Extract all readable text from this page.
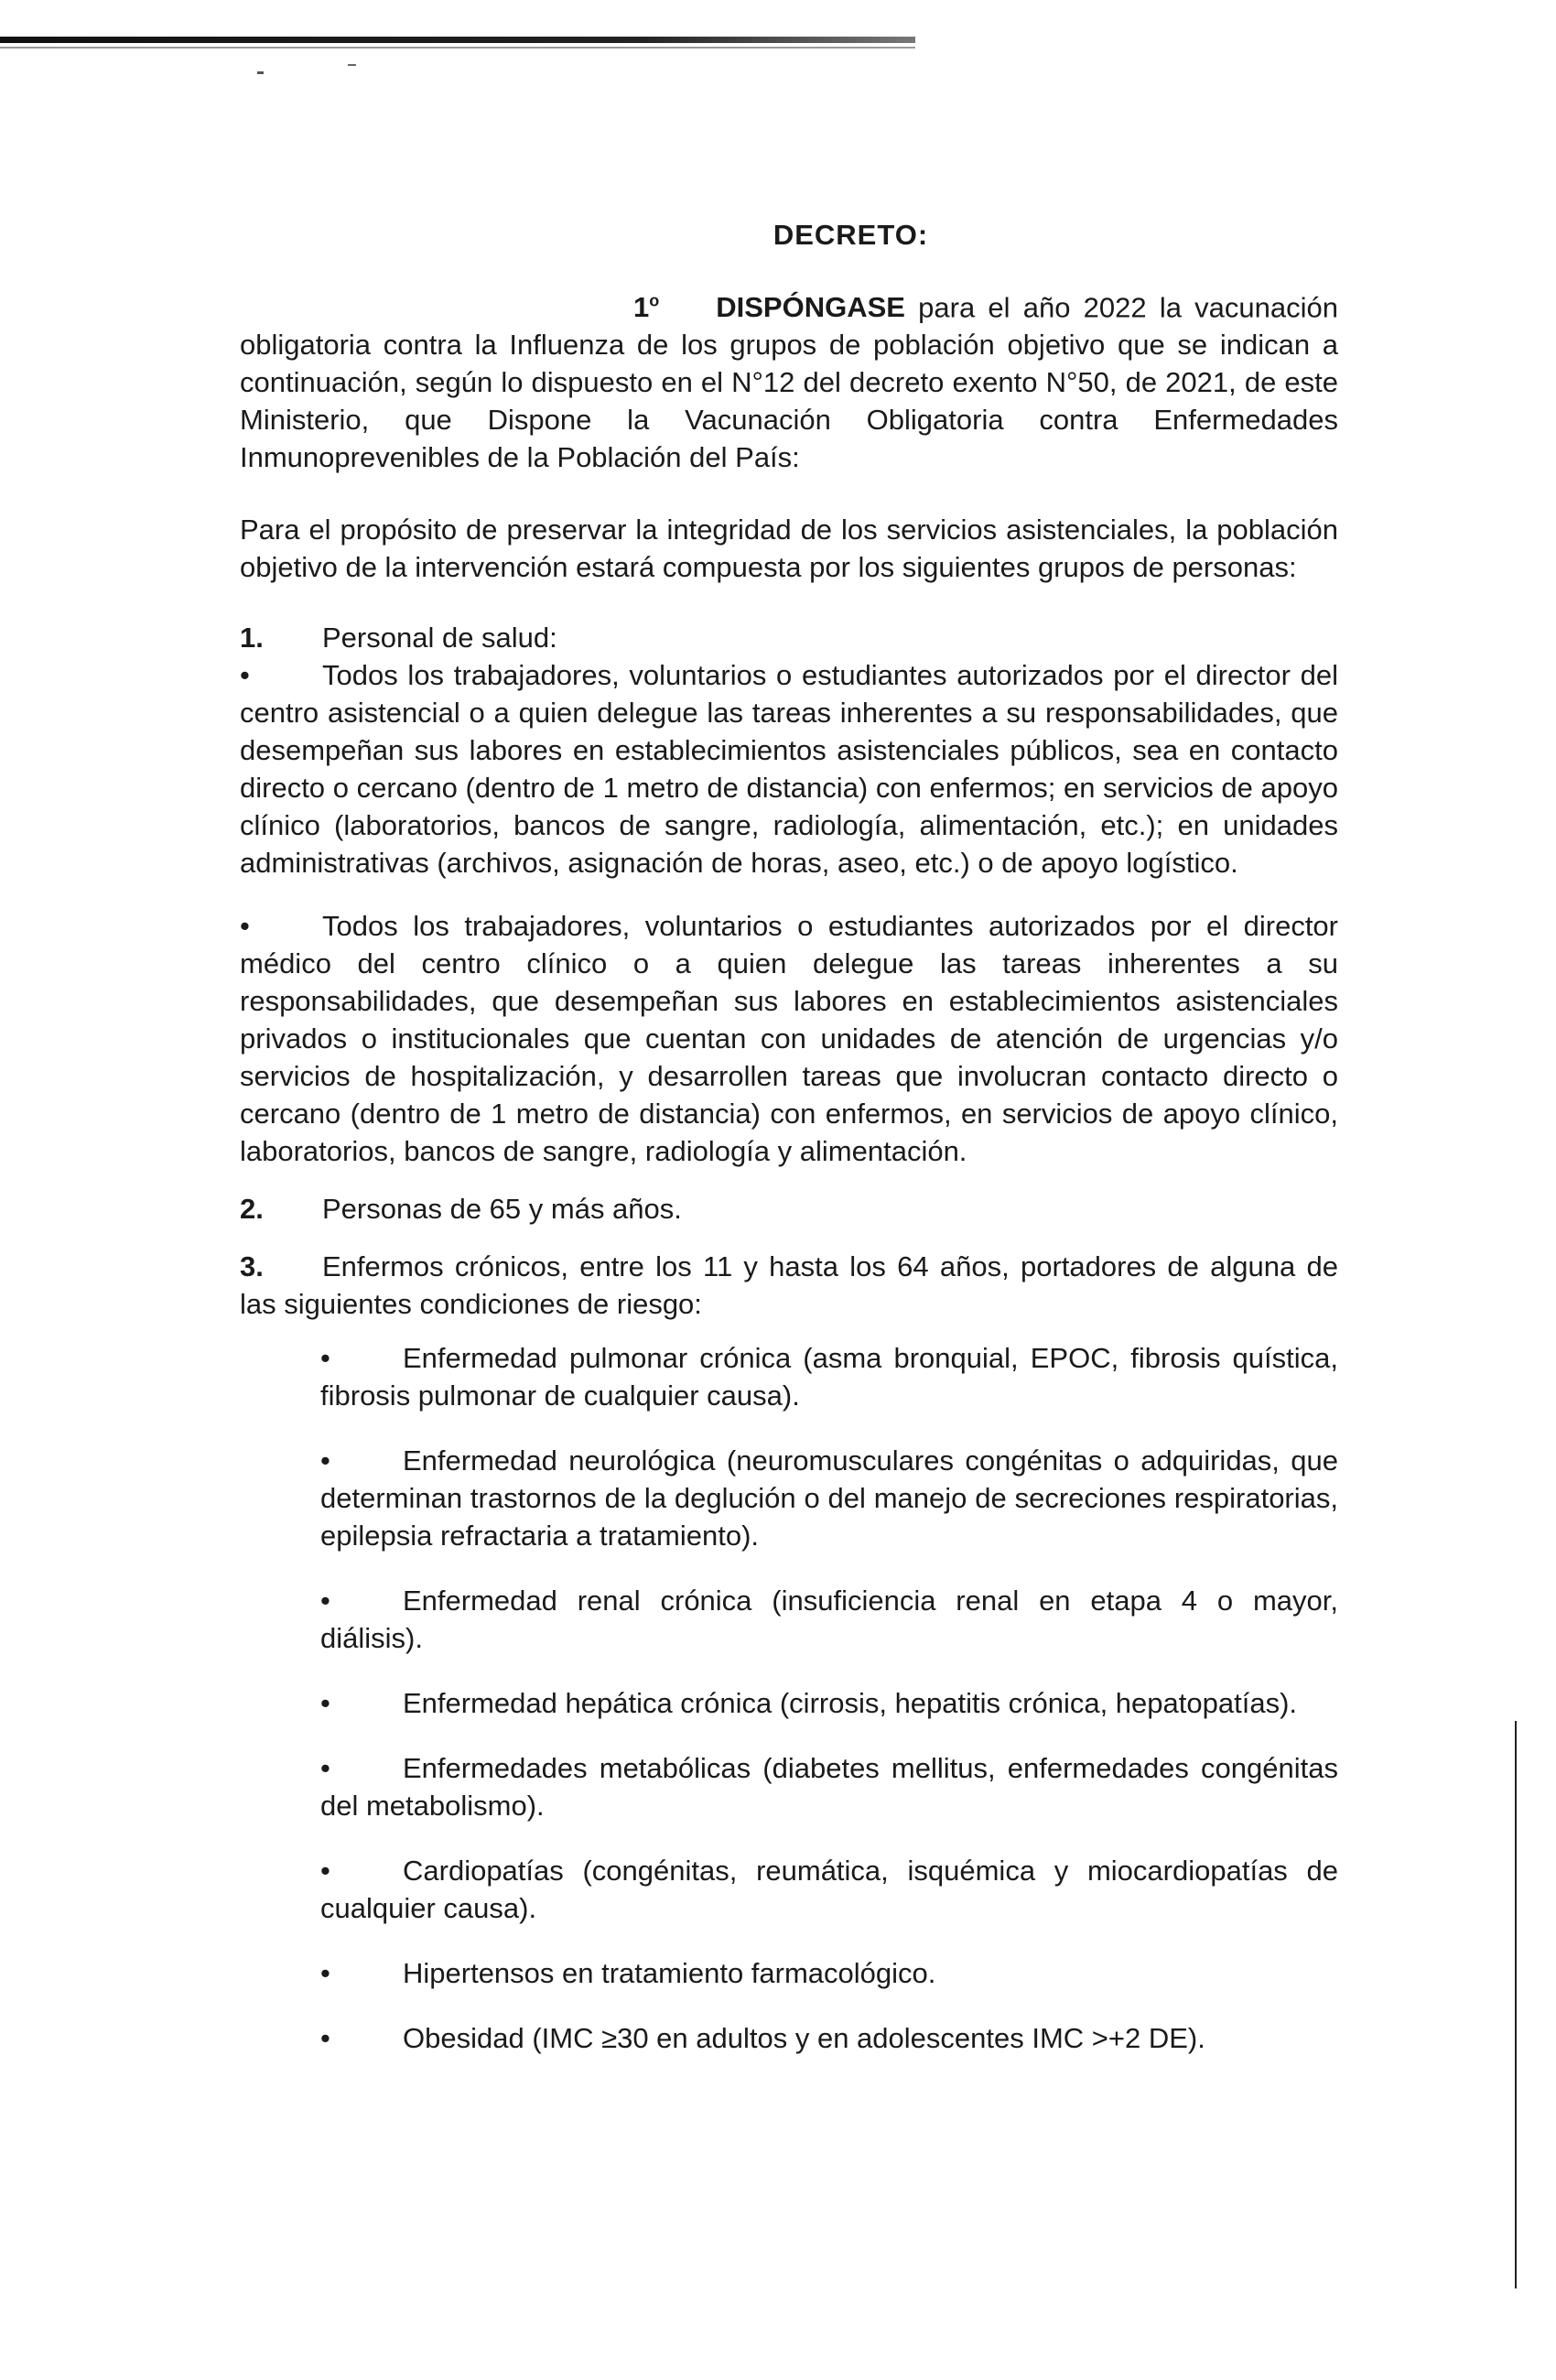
DECRETO:

1$^o$ DISPÓNGASE para el año 2022 la vacunación obligatoria contra la Influenza de los grupos de población objetivo que se indican a continuación, según lo dispuesto en el N°12 del decreto exento N°50, de 2021, de este Ministerio, que Dispone la Vacunación Obligatoria contra Enfermedades Inmunoprevenibles de la Población del País:

Para el propósito de preservar la integridad de los servicios asistenciales, la población objetivo de la intervención estará compuesta por los siguientes grupos de personas:

1.	Personal de salud:
•	Todos los trabajadores, voluntarios o estudiantes autorizados por el director del centro asistencial o a quien delegue las tareas inherentes a su responsabilidades, que desempeñan sus labores en establecimientos asistenciales públicos, sea en contacto directo o cercano (dentro de 1 metro de distancia) con enfermos; en servicios de apoyo clínico (laboratorios, bancos de sangre, radiología, alimentación, etc.); en unidades administrativas (archivos, asignación de horas, aseo, etc.) o de apoyo logístico.
•	Todos los trabajadores, voluntarios o estudiantes autorizados por el director médico del centro clínico o a quien delegue las tareas inherentes a su responsabilidades, que desempeñan sus labores en establecimientos asistenciales privados o institucionales que cuentan con unidades de atención de urgencias y/o servicios de hospitalización, y desarrollen tareas que involucran contacto directo o cercano (dentro de 1 metro de distancia) con enfermos, en servicios de apoyo clínico, laboratorios, bancos de sangre, radiología y alimentación.
2.	Personas de 65 y más años.
3. Enfermos crónicos, entre los 11 y hasta los 64 años, portadores de alguna de las siguientes condiciones de riesgo:
•	Enfermedad pulmonar crónica (asma bronquial, EPOC, fibrosis quística, fibrosis pulmonar de cualquier causa).
•	Enfermedad neurológica (neuromusculares congénitas o adquiridas, que determinan trastornos de la deglución o del manejo de secreciones respiratorias, epilepsia refractaria a tratamiento).
•	Enfermedad renal crónica (insuficiencia renal en etapa 4 o mayor, diálisis).
•	Enfermedad hepática crónica (cirrosis, hepatitis crónica, hepatopatías).
•	Enfermedades metabólicas (diabetes mellitus, enfermedades congénitas del metabolismo).
•	Cardiopatías (congénitas, reumática, isquémica y miocardiopatías de cualquier causa).
•	Hipertensos en tratamiento farmacológico.
•	Obesidad (IMC ≥30 en adultos y en adolescentes IMC >+2 DE).
